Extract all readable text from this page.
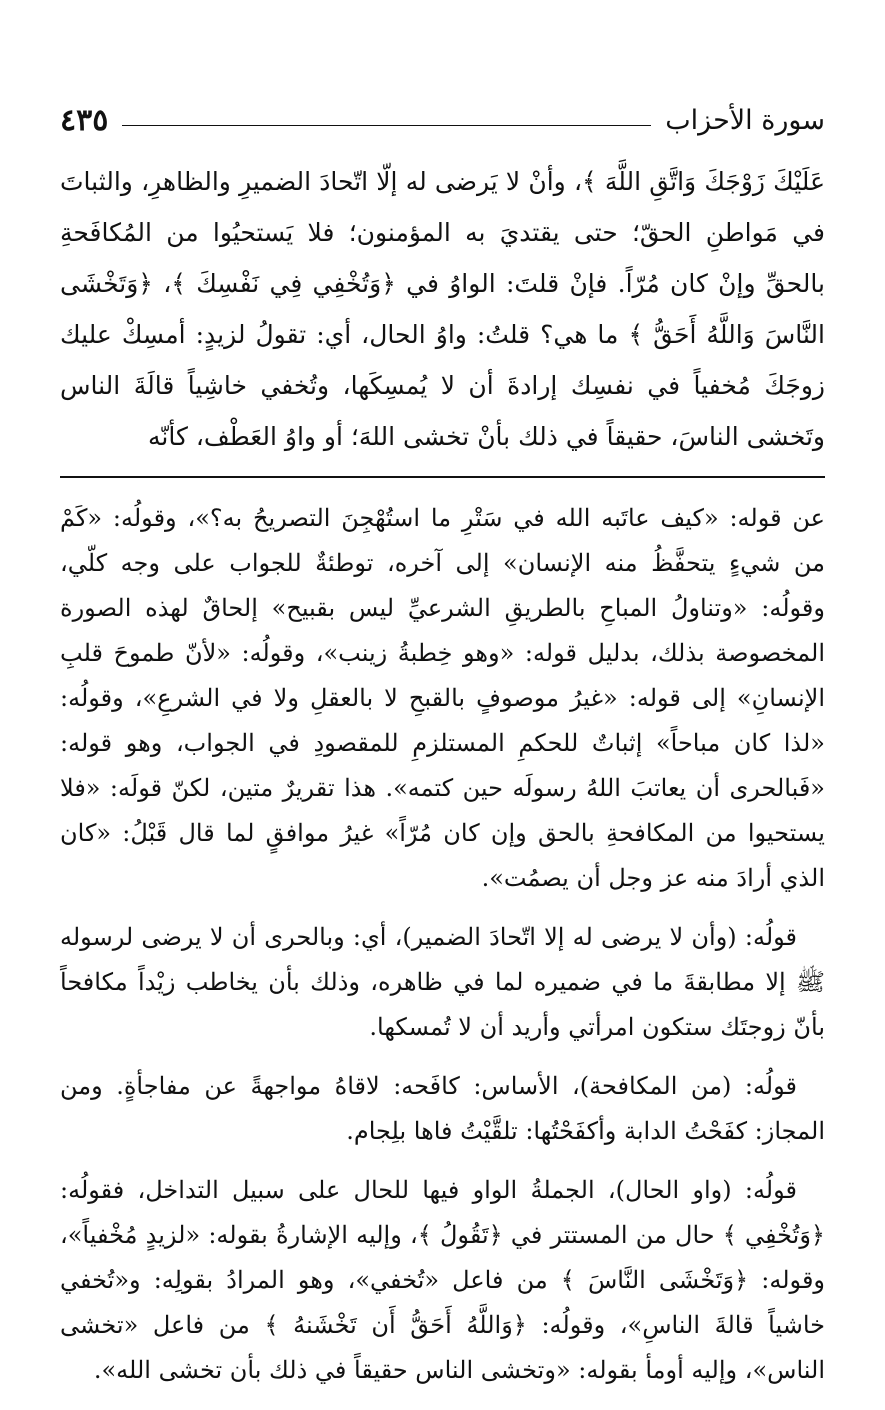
سورة الأحزاب
٤٣٥
عَلَيْكَ زَوْجَكَ وَاتَّقِ اللَّهَ ﴾، وأنْ لا يَرضى له إلّا اتّحادَ الضميرِ والظاهرِ، والثباتَ في مَواطنِ الحقّ؛ حتى يقتديَ به المؤمنون؛ فلا يَستحيُوا من المُكافَحةِ بالحقِّ وإنْ كان مُرّاً. فإنْ قلتَ: الواوُ في ﴿وَتُخْفِي فِي نَفْسِكَ ﴾، ﴿وَتَخْشَى النَّاسَ وَاللَّهُ أَحَقُّ ﴾ ما هي؟ قلتُ: واوُ الحال، أي: تقولُ لزيدٍ: أمسِكْ عليك زوجَكَ مُخفياً في نفسِك إرادةَ أن لا يُمسِكَها، وتُخفي خاشِياً قالَةَ الناس وتَخشى الناسَ، حقيقاً في ذلك بأنْ تخشى اللهَ؛ أو واوُ العَطْف، كأنّه

عن قوله: «كيف عاتَبه الله في سَتْرِ ما استُهْجِنَ التصريحُ به؟»، وقولُه: «كَمْ من شيءٍ يتحفَّظُ منه الإنسان» إلى آخره، توطئةٌ للجواب على وجه كلّي، وقولُه: «وتناولُ المباحِ بالطريقِ الشرعيِّ ليس بقبيح» إلحاقٌ لهذه الصورة المخصوصة بذلك، بدليل قوله: «وهو خِطبةُ زينب»، وقولُه: «لأنّ طموحَ قلبِ الإنسانِ» إلى قوله: «غيرُ موصوفٍ بالقبحِ لا بالعقلِ ولا في الشرعِ»، وقولُه: «لذا كان مباحاً» إثباتٌ للحكمِ المستلزمِ للمقصودِ في الجواب، وهو قوله: «فَبالحرى أن يعاتبَ اللهُ رسولَه حين كتمه». هذا تقريرٌ متين، لكنّ قولَه: «فلا يستحيوا من المكافحةِ بالحق وإن كان مُرّاً» غيرُ موافقٍ لما قال قَبْلُ: «كان الذي أرادَ منه عز وجل أن يصمُت».

قولُه: (وأن لا يرضى له إلا اتّحادَ الضمير)، أي: وبالحرى أن لا يرضى لرسوله ﷺ إلا مطابقةَ ما في ضميره لما في ظاهره، وذلك بأن يخاطب زيْداً مكافحاً بأنّ زوجتَك ستكون امرأتي وأريد أن لا تُمسكها.

قولُه: (من المكافحة)، الأساس: كافَحه: لاقاهُ مواجهةً عن مفاجأةٍ. ومن المجاز: كفَحْتُ الدابة وأكفَحْتُها: تلقَّيْتُ فاها بلِجام.

قولُه: (واو الحال)، الجملةُ الواو فيها للحال على سبيل التداخل، فقولُه: ﴿وَتُخْفِي ﴾ حال من المستتر في ﴿تَقُولُ ﴾، وإليه الإشارةُ بقوله: «لزيدٍ مُخْفياً»، وقوله: ﴿وَتَخْشَى النَّاسَ ﴾ من فاعل «تُخفي»، وهو المرادُ بقولِه: و«تُخفي خاشياً قالةَ الناسِ»، وقولُه: ﴿وَاللَّهُ أَحَقُّ أَن تَخْشَنهُ ﴾ من فاعل «تخشى الناس»، وإليه أومأ بقوله: «وتخشى الناس حقيقاً في ذلك بأن تخشى الله».
